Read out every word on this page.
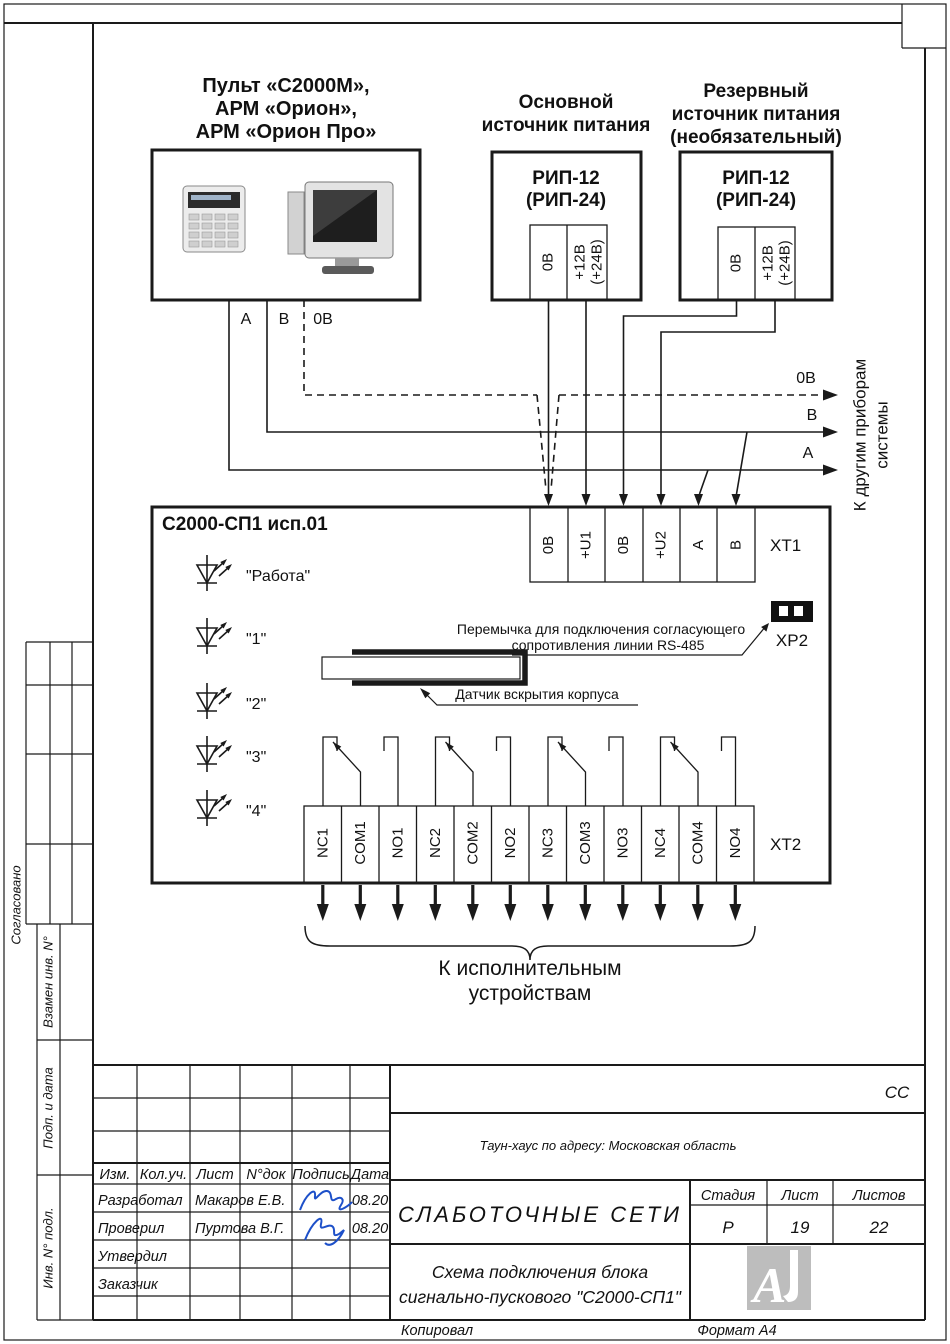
Согласовано
Взамен инв. N°
Подп. и дата
Инв. N° подл.
Пульт «С2000М»,
АРМ «Орион»,
АРМ «Орион Про»
Основной
источник питания
РИП-12
(РИП-24)
0В +12В (+24В)
Резервный
источник питания
(необязательный)
РИП-12
(РИП-24)
0В +12В (+24В)
А В 0В
0В
В
А К другим приборам системы
С2000-СП1 исп.01
0В +U1 0В +U2 А В ХТ1
ХР2
Перемычка для подключения согласующего
сопротивления линии RS-485
Датчик вскрытия корпуса
"Работа"
"1"
"2"
"3"
"4"
NC1 COM1 NO1 NC2 COM2 NO2 NC3 COM3 NO3 NC4 COM4 NO4 ХТ2
К исполнительным
устройствам
Изм. Кол.уч. Лист N°док Подпись Дата
Разработал Макаров Е.В.	08.20
Проверил Пуртова В.Г.	08.20
Утвердил
Заказчик
СС
Таун-хаус по адресу: Московская область
СЛАБОТОЧНЫЕ СЕТИ
Схема подключения блока
сигнально-пускового "С2000-СП1"
Стадия Лист Листов
Р	19	22
А
Копировал	Формат А4
